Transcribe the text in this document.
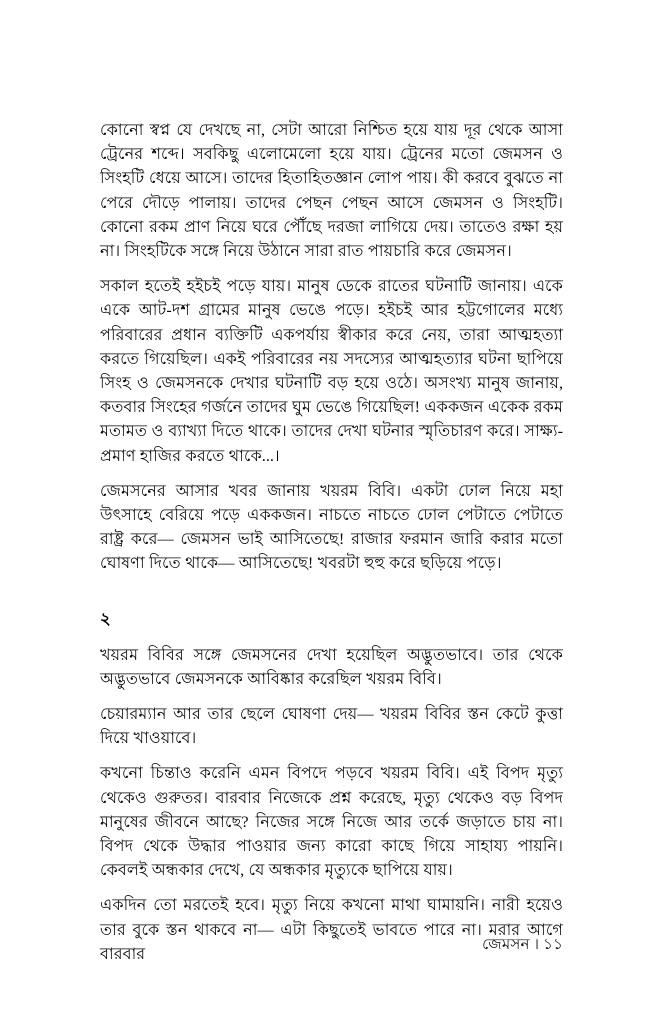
কোনো স্বপ্ন যে দেখছে না, সেটা আরো নিশ্চিত হয়ে যায় দূর থেকে আসা ট্রেনের শব্দে। সবকিছু এলোমেলো হয়ে যায়। ট্রেনের মতো জেমসন ও সিংহটি ধেয়ে আসে। তাদের হিতাহিতজ্ঞান লোপ পায়। কী করবে বুঝতে না পেরে দৌড়ে পালায়। তাদের পেছন পেছন আসে জেমসন ও সিংহটি। কোনো রকম প্রাণ নিয়ে ঘরে পৌঁছে দরজা লাগিয়ে দেয়। তাতেও রক্ষা হয় না। সিংহটিকে সঙ্গে নিয়ে উঠানে সারা রাত পায়চারি করে জেমসন।

সকাল হতেই হইচই পড়ে যায়। মানুষ ডেকে রাতের ঘটনাটি জানায়। একে একে আট-দশ গ্রামের মানুষ ভেঙে পড়ে। হইচই আর হট্টগোলের মধ্যে পরিবারের প্রধান ব্যক্তিটি একপর্যায় স্বীকার করে নেয়, তারা আত্মহত্যা করতে গিয়েছিল। একই পরিবারের নয় সদস্যের আত্মহত্যার ঘটনা ছাপিয়ে সিংহ ও জেমসনকে দেখার ঘটনাটি বড় হয়ে ওঠে। অসংখ্য মানুষ জানায়, কতবার সিংহের গর্জনে তাদের ঘুম ভেঙে গিয়েছিল! এককজন একেক রকম মতামত ও ব্যাখ্যা দিতে থাকে। তাদের দেখা ঘটনার স্মৃতিচারণ করে। সাক্ষ্য-প্রমাণ হাজির করতে থাকে...।

জেমসনের আসার খবর জানায় খয়রম বিবি। একটা ঢোল নিয়ে মহা উৎসাহে বেরিয়ে পড়ে এককজন। নাচতে নাচতে ঢোল পেটাতে পেটাতে রাষ্ট্র করে— জেমসন ভাই আসিতেছে! রাজার ফরমান জারি করার মতো ঘোষণা দিতে থাকে— আসিতেছে! খবরটা হুহু করে ছড়িয়ে পড়ে।

২

খয়রম বিবির সঙ্গে জেমসনের দেখা হয়েছিল অদ্ভুতভাবে। তার থেকে অদ্ভুতভাবে জেমসনকে আবিষ্কার করেছিল খয়রম বিবি।

চেয়ারম্যান আর তার ছেলে ঘোষণা দেয়— খয়রম বিবির স্তন কেটে কুত্তা দিয়ে খাওয়াবে।

কখনো চিন্তাও করেনি এমন বিপদে পড়বে খয়রম বিবি। এই বিপদ মৃত্যু থেকেও গুরুতর। বারবার নিজেকে প্রশ্ন করেছে, মৃত্যু থেকেও বড় বিপদ মানুষের জীবনে আছে? নিজের সঙ্গে নিজে আর তর্কে জড়াতে চায় না। বিপদ থেকে উদ্ধার পাওয়ার জন্য কারো কাছে গিয়ে সাহায্য পায়নি। কেবলই অন্ধকার দেখে, যে অন্ধকার মৃত্যুকে ছাপিয়ে যায়।

একদিন তো মরতেই হবে। মৃত্যু নিয়ে কখনো মাথা ঘামায়নি। নারী হয়েও তার বুকে স্তন থাকবে না— এটা কিছুতেই ভাবতে পারে না। মরার আগে বারবার	জেমসন । ১১
